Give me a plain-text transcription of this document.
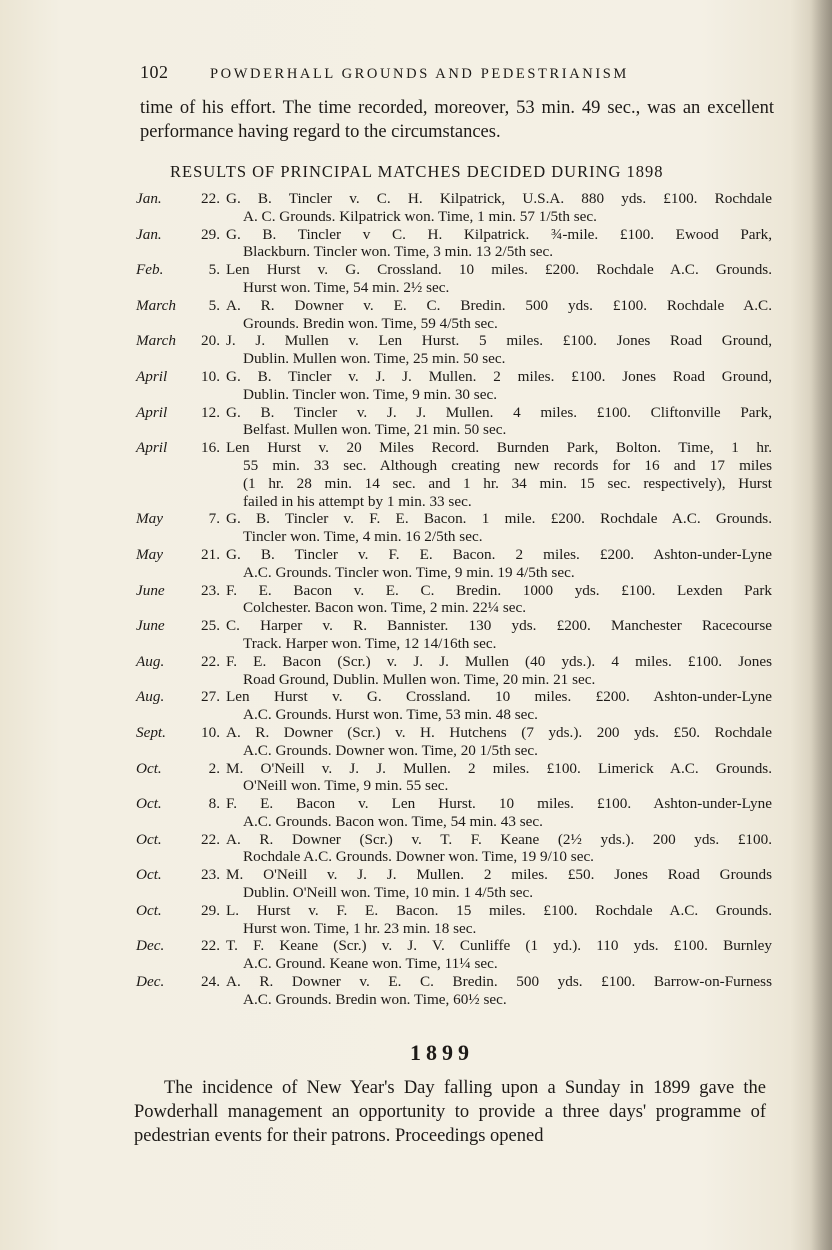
102	POWDERHALL GROUNDS AND PEDESTRIANISM
time of his effort. The time recorded, moreover, 53 min. 49 sec., was an excellent performance having regard to the circumstances.
RESULTS OF PRINCIPAL MATCHES DECIDED DURING 1898
Jan.	22. G. B. Tincler v. C. H. Kilpatrick, U.S.A. 880 yds. £100. Rochdale
A. C. Grounds. Kilpatrick won. Time, 1 min. 57 1/5th sec.
Jan.	29. G. B. Tincler v C. H. Kilpatrick. ¾-mile. £100. Ewood Park,
Blackburn. Tincler won. Time, 3 min. 13 2/5th sec.
Feb.	5. Len Hurst v. G. Crossland. 10 miles. £200. Rochdale A.C. Grounds.
Hurst won. Time, 54 min. 2½ sec.
March	5. A. R. Downer v. E. C. Bredin. 500 yds. £100. Rochdale A.C.
Grounds. Bredin won. Time, 59 4/5th sec.
March	20. J. J. Mullen v. Len Hurst. 5 miles. £100. Jones Road Ground,
Dublin. Mullen won. Time, 25 min. 50 sec.
April	10. G. B. Tincler v. J. J. Mullen. 2 miles. £100. Jones Road Ground,
Dublin. Tincler won. Time, 9 min. 30 sec.
April	12. G. B. Tincler v. J. J. Mullen. 4 miles. £100. Cliftonville Park,
Belfast. Mullen won. Time, 21 min. 50 sec.
April	16. Len Hurst v. 20 Miles Record. Burnden Park, Bolton. Time, 1 hr.
55 min. 33 sec. Although creating new records for 16 and 17 miles
(1 hr. 28 min. 14 sec. and 1 hr. 34 min. 15 sec. respectively), Hurst
failed in his attempt by 1 min. 33 sec.
May	7. G. B. Tincler v. F. E. Bacon. 1 mile. £200. Rochdale A.C. Grounds.
Tincler won. Time, 4 min. 16 2/5th sec.
May	21. G. B. Tincler v. F. E. Bacon. 2 miles. £200. Ashton-under-Lyne
A.C. Grounds. Tincler won. Time, 9 min. 19 4/5th sec.
June	23. F. E. Bacon v. E. C. Bredin. 1000 yds. £100. Lexden Park
Colchester. Bacon won. Time, 2 min. 22¼ sec.
June	25. C. Harper v. R. Bannister. 130 yds. £200. Manchester Racecourse
Track. Harper won. Time, 12 14/16th sec.
Aug.	22. F. E. Bacon (Scr.) v. J. J. Mullen (40 yds.). 4 miles. £100. Jones
Road Ground, Dublin. Mullen won. Time, 20 min. 21 sec.
Aug.	27. Len Hurst v. G. Crossland. 10 miles. £200. Ashton-under-Lyne
A.C. Grounds. Hurst won. Time, 53 min. 48 sec.
Sept.	10. A. R. Downer (Scr.) v. H. Hutchens (7 yds.). 200 yds. £50. Rochdale
A.C. Grounds. Downer won. Time, 20 1/5th sec.
Oct.	2. M. O'Neill v. J. J. Mullen. 2 miles. £100. Limerick A.C. Grounds.
O'Neill won. Time, 9 min. 55 sec.
Oct.	8. F. E. Bacon v. Len Hurst. 10 miles. £100. Ashton-under-Lyne
A.C. Grounds. Bacon won. Time, 54 min. 43 sec.
Oct.	22. A. R. Downer (Scr.) v. T. F. Keane (2½ yds.). 200 yds. £100.
Rochdale A.C. Grounds. Downer won. Time, 19 9/10 sec.
Oct.	23. M. O'Neill v. J. J. Mullen. 2 miles. £50. Jones Road Grounds
Dublin. O'Neill won. Time, 10 min. 1 4/5th sec.
Oct.	29. L. Hurst v. F. E. Bacon. 15 miles. £100. Rochdale A.C. Grounds.
Hurst won. Time, 1 hr. 23 min. 18 sec.
Dec.	22. T. F. Keane (Scr.) v. J. V. Cunliffe (1 yd.). 110 yds. £100. Burnley
A.C. Ground. Keane won. Time, 11¼ sec.
Dec.	24. A. R. Downer v. E. C. Bredin. 500 yds. £100. Barrow-on-Furness
A.C. Grounds. Bredin won. Time, 60½ sec.
1899

The incidence of New Year's Day falling upon a Sunday in 1899 gave the Powderhall management an opportunity to provide a three days' programme of pedestrian events for their patrons. Proceedings opened
